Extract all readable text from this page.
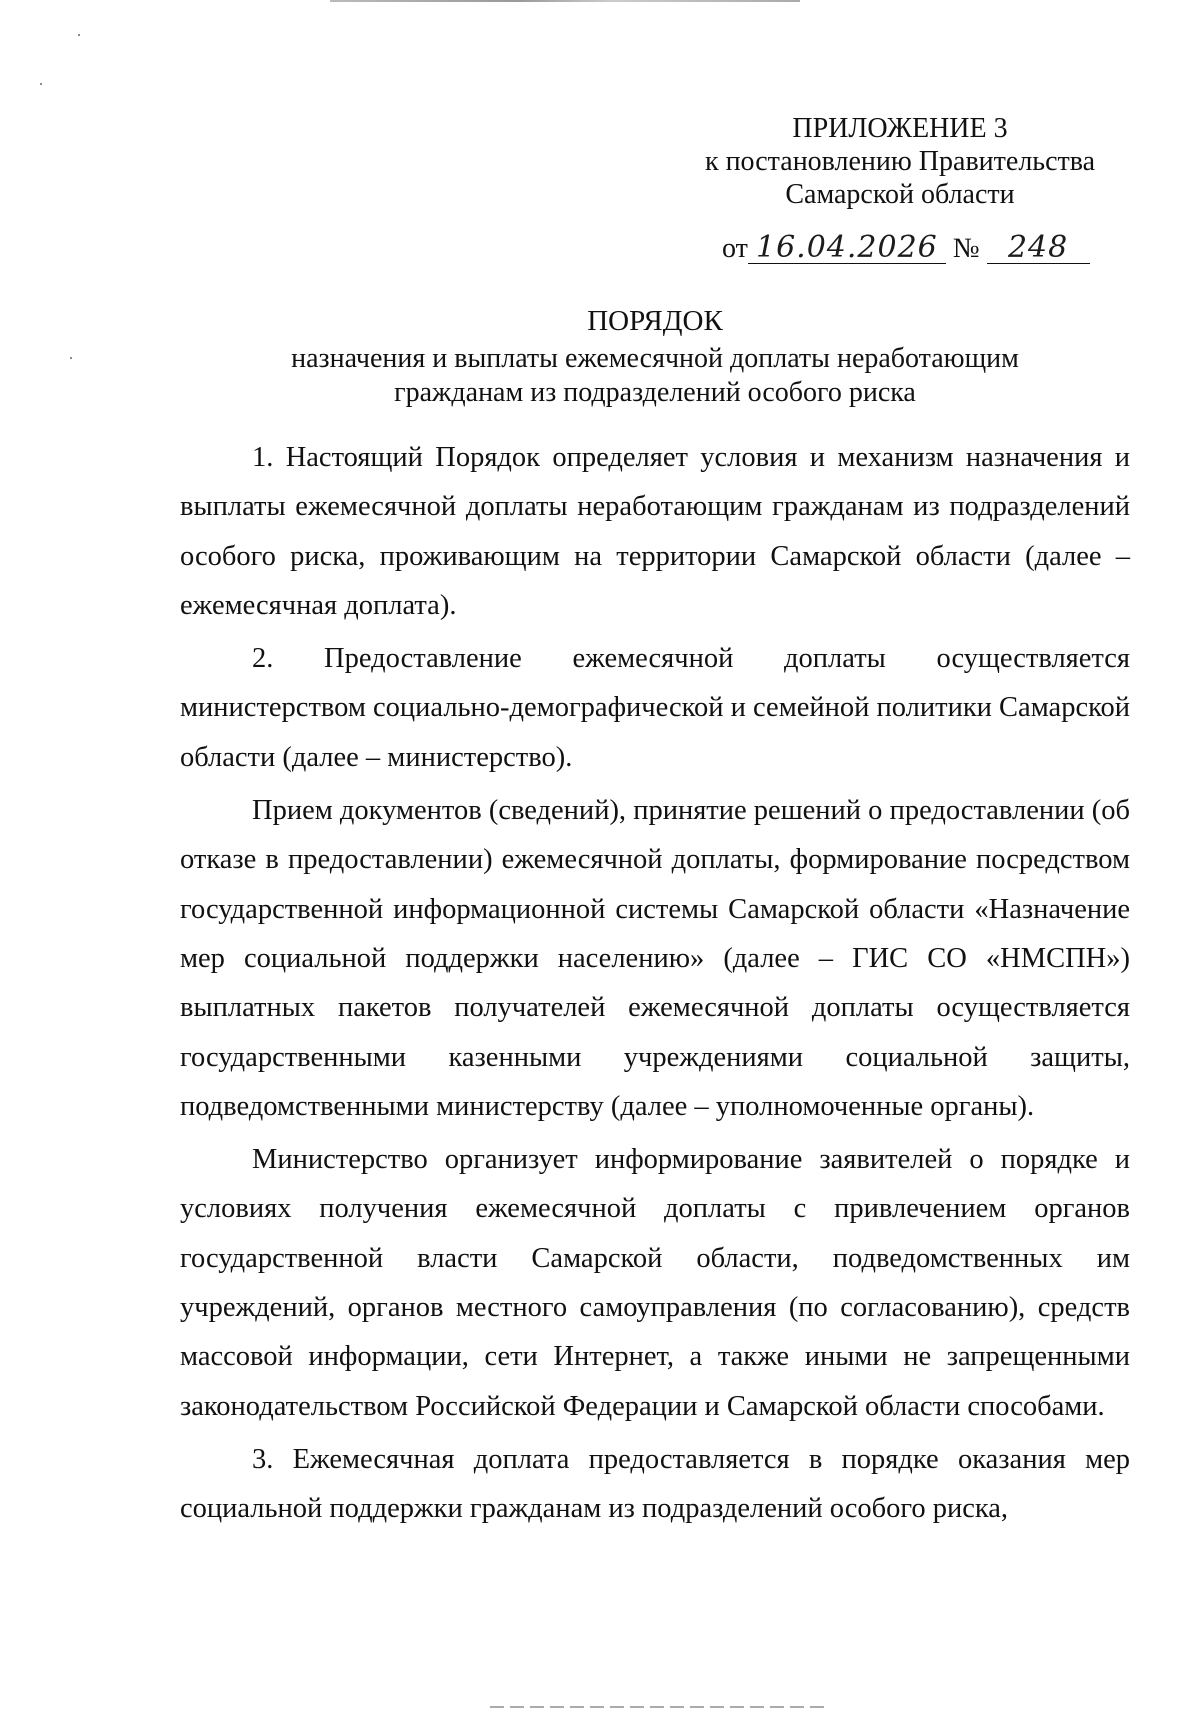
ПРИЛОЖЕНИЕ 3
к постановлению Правительства
Самарской области
от 16.04.2026 № 248
ПОРЯДОК
назначения и выплаты ежемесячной доплаты неработающим
гражданам из подразделений особого риска

1. Настоящий Порядок определяет условия и механизм назначения и выплаты ежемесячной доплаты неработающим гражданам из подразделений особого риска, проживающим на территории Самарской области (далее – ежемесячная доплата).

2. Предоставление ежемесячной доплаты осуществляется министерством социально-демографической и семейной политики Самарской области (далее – министерство).

Прием документов (сведений), принятие решений о предоставлении (об отказе в предоставлении) ежемесячной доплаты, формирование посредством государственной информационной системы Самарской области «Назначение мер социальной поддержки населению» (далее – ГИС СО «НМСПН») выплатных пакетов получателей ежемесячной доплаты осуществляется государственными казенными учреждениями социальной защиты, подведомственными министерству (далее – уполномоченные органы).

Министерство организует информирование заявителей о порядке и условиях получения ежемесячной доплаты с привлечением органов государственной власти Самарской области, подведомственных им учреждений, органов местного самоуправления (по согласованию), средств массовой информации, сети Интернет, а также иными не запрещенными законодательством Российской Федерации и Самарской области способами.

3. Ежемесячная доплата предоставляется в порядке оказания мер социальной поддержки гражданам из подразделений особого риска,
